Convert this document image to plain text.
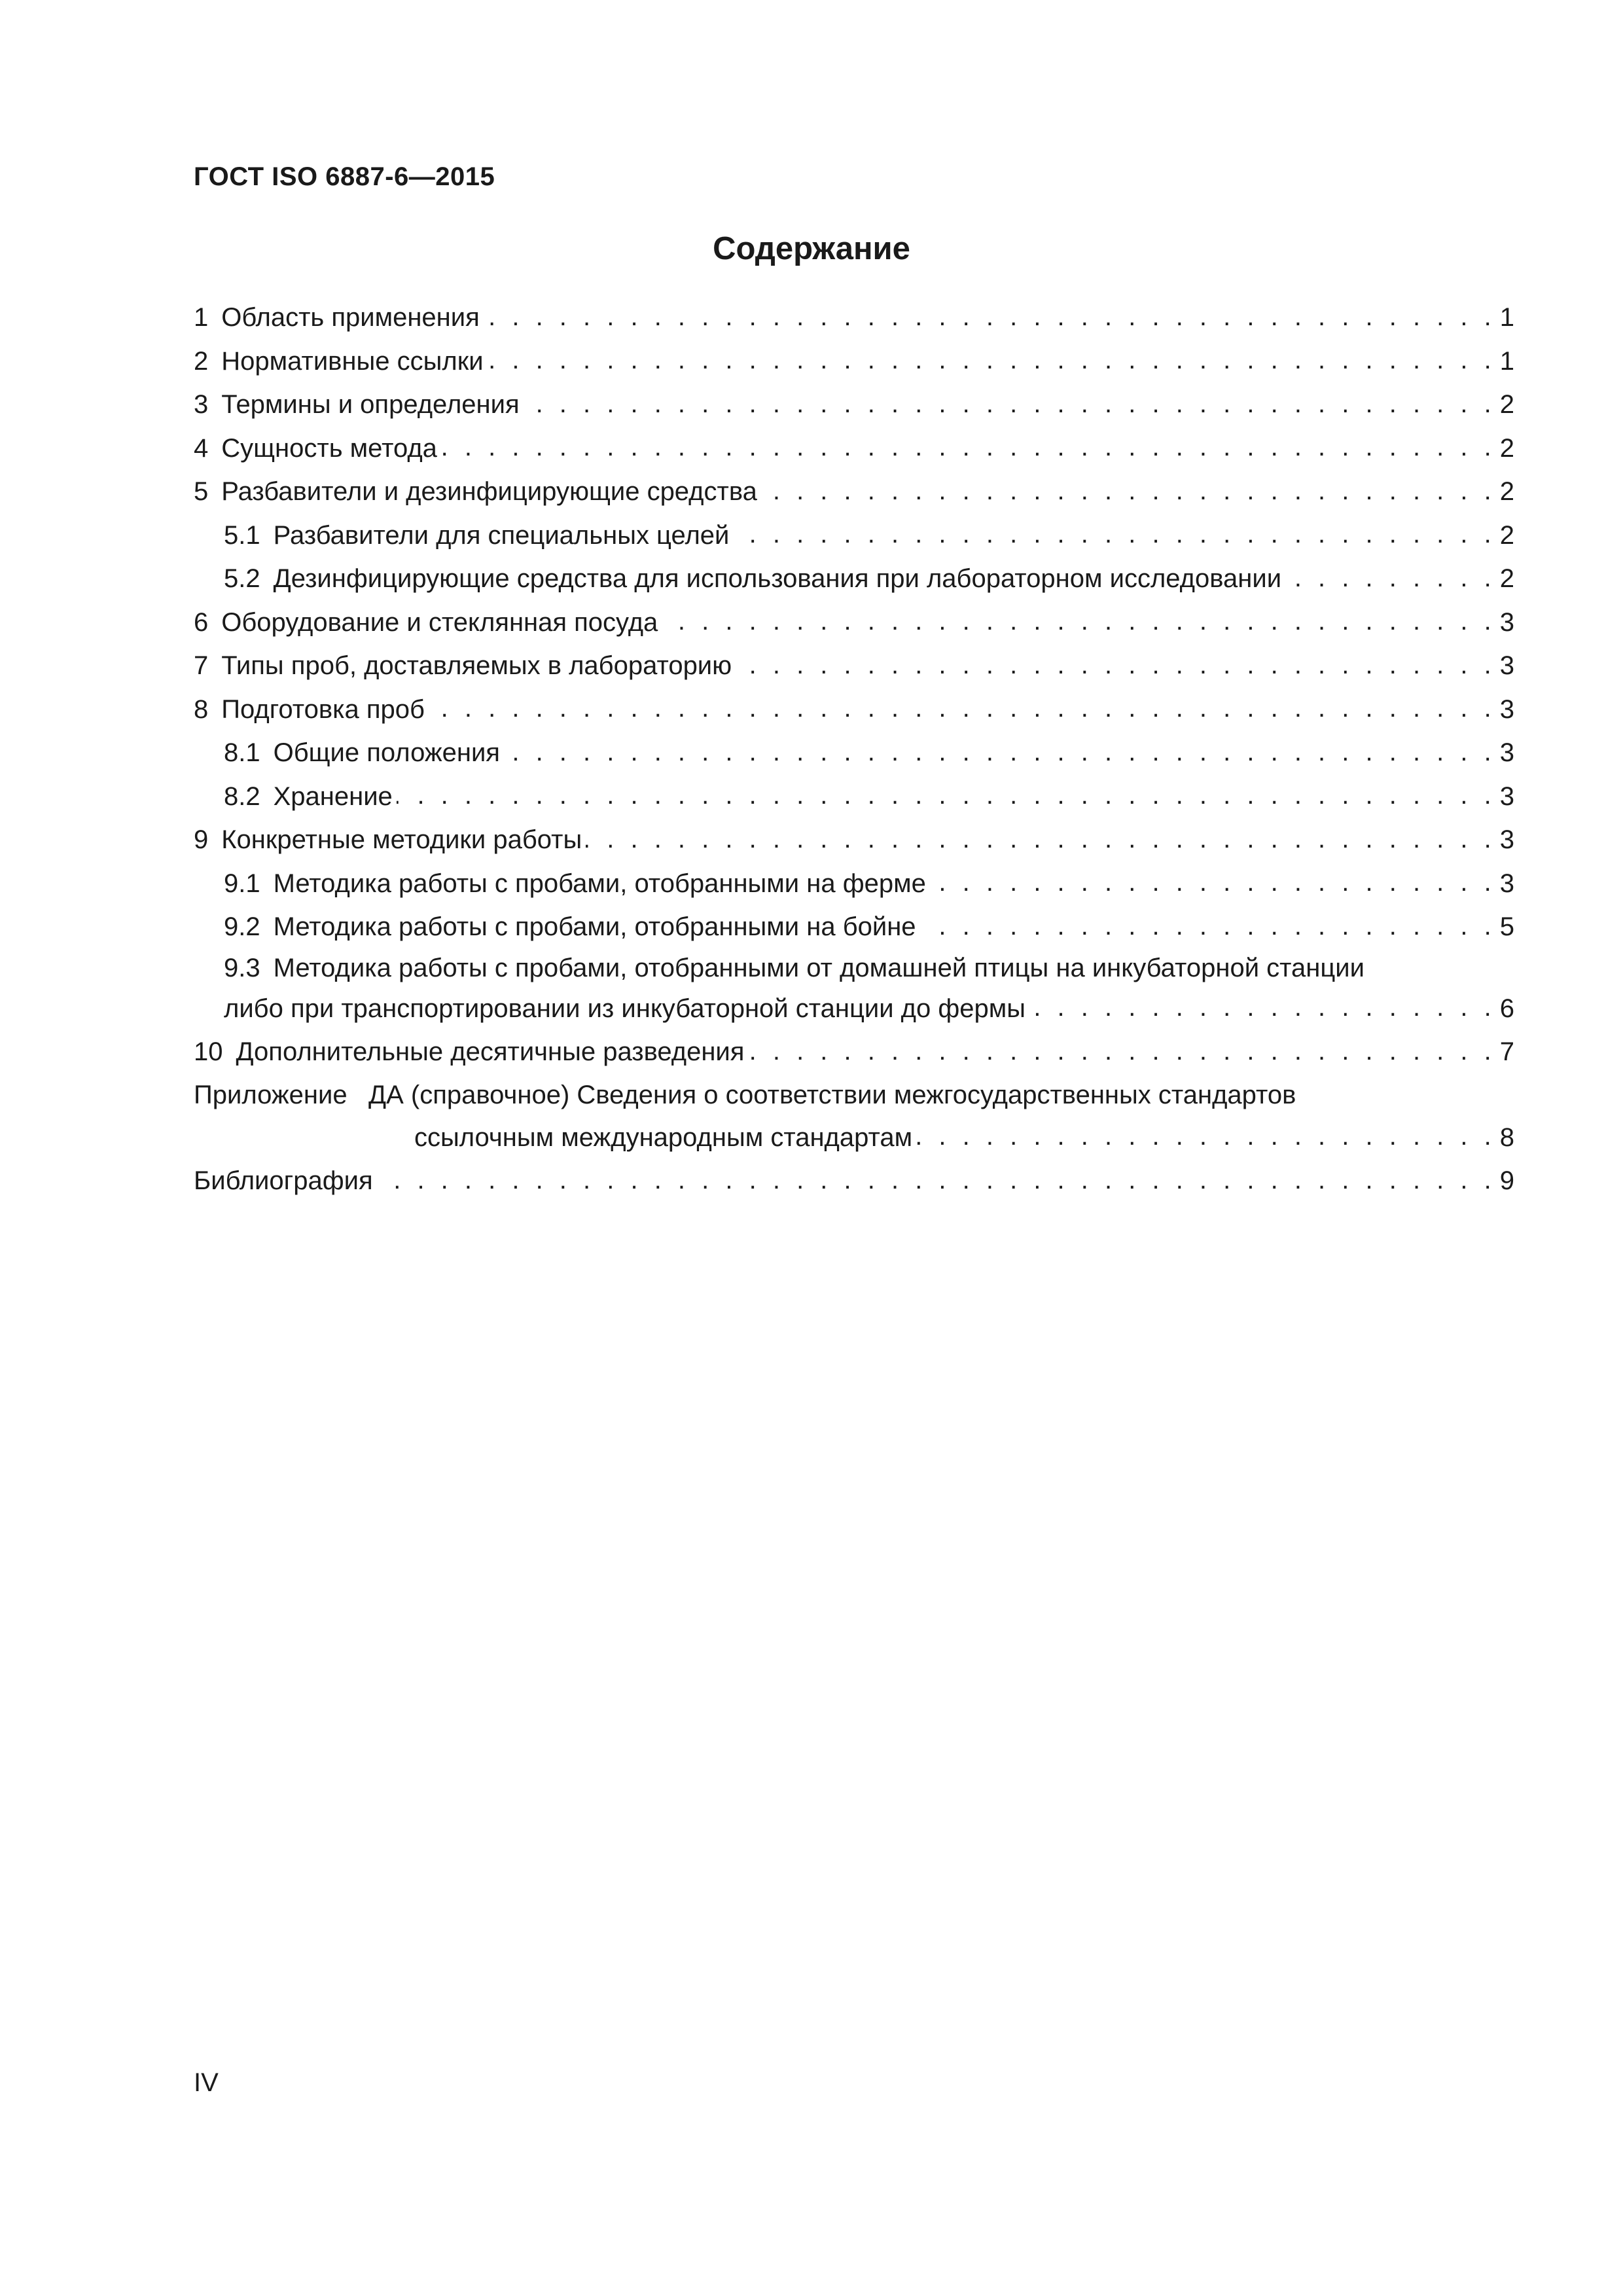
ГОСТ ISO 6887-6—2015
Содержание
1 Область применения . . .	1
2 Нормативные ссылки . . .	1
3 Термины и определения . . .	2
4 Сущность метода . . .	2
5 Разбавители и дезинфицирующие средства . . .	2
5.1 Разбавители для специальных целей . . .	2
5.2 Дезинфицирующие средства для использования при лабораторном исследовании . . .	2
6 Оборудование и стеклянная посуда . . .	3
7 Типы проб, доставляемых в лабораторию . . .	3
8 Подготовка проб . . .	3
8.1 Общие положения . . .	3
8.2 Хранение . . .	3
9 Конкретные методики работы . . .	3
9.1 Методика работы с пробами, отобранными на ферме . . .	3
9.2 Методика работы с пробами, отобранными на бойне . . .	5
9.3 Методика работы с пробами, отобранными от домашней птицы на инкубаторной станции
либо при транспортировании из инкубаторной станции до фермы . . .	6
10 Дополнительные десятичные разведения . . .	7
Приложение ДА (справочное) Сведения о соответствии межгосударственных стандартов
ссылочным международным стандартам . . .	8
Библиография . . .	9
IV
